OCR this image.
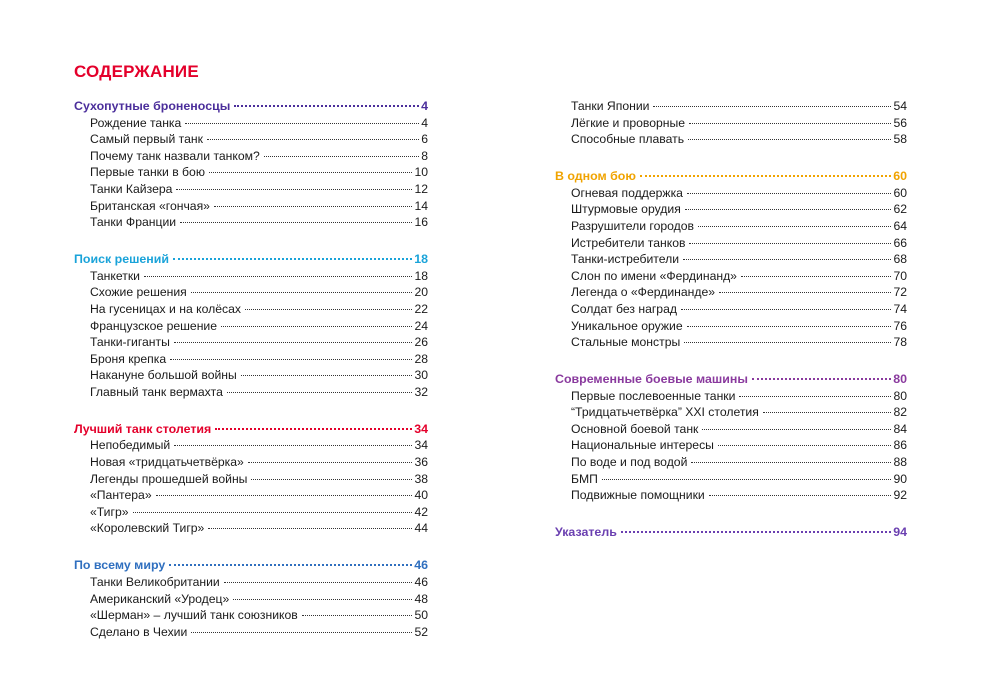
СОДЕРЖАНИЕ
Сухопутные броненосцы	4
Рождение танка	4
Самый первый танк	6
Почему танк назвали танком?	8
Первые танки в бою	10
Танки Кайзера	12
Британская «гончая»	14
Танки Франции	16
Поиск решений	18
Танкетки	18
Схожие решения	20
На гусеницах и на колёсах	22
Французское решение	24
Танки-гиганты	26
Броня крепка	28
Накануне большой войны	30
Главный танк вермахта	32
Лучший танк столетия	34
Непобедимый	34
Новая «тридцатьчетвёрка»	36
Легенды прошедшей войны	38
«Пантера»	40
«Тигр»	42
«Королевский Тигр»	44
По всему миру	46
Танки Великобритании	46
Американский «Уродец»	48
«Шерман» – лучший танк союзников	50
Сделано в Чехии	52
Танки Японии	54
Лёгкие и проворные	56
Способные плавать	58
В одном бою	60
Огневая поддержка	60
Штурмовые орудия	62
Разрушители городов	64
Истребители танков	66
Танки-истребители	68
Слон по имени «Фердинанд»	70
Легенда о «Фердинанде»	72
Солдат без наград	74
Уникальное оружие	76
Стальные монстры	78
Современные боевые машины	80
Первые послевоенные танки	80
“Тридцатьчетвёрка” XXI столетия	82
Основной боевой танк	84
Национальные интересы	86
По воде и под водой	88
БМП	90
Подвижные помощники	92
Указатель	94
